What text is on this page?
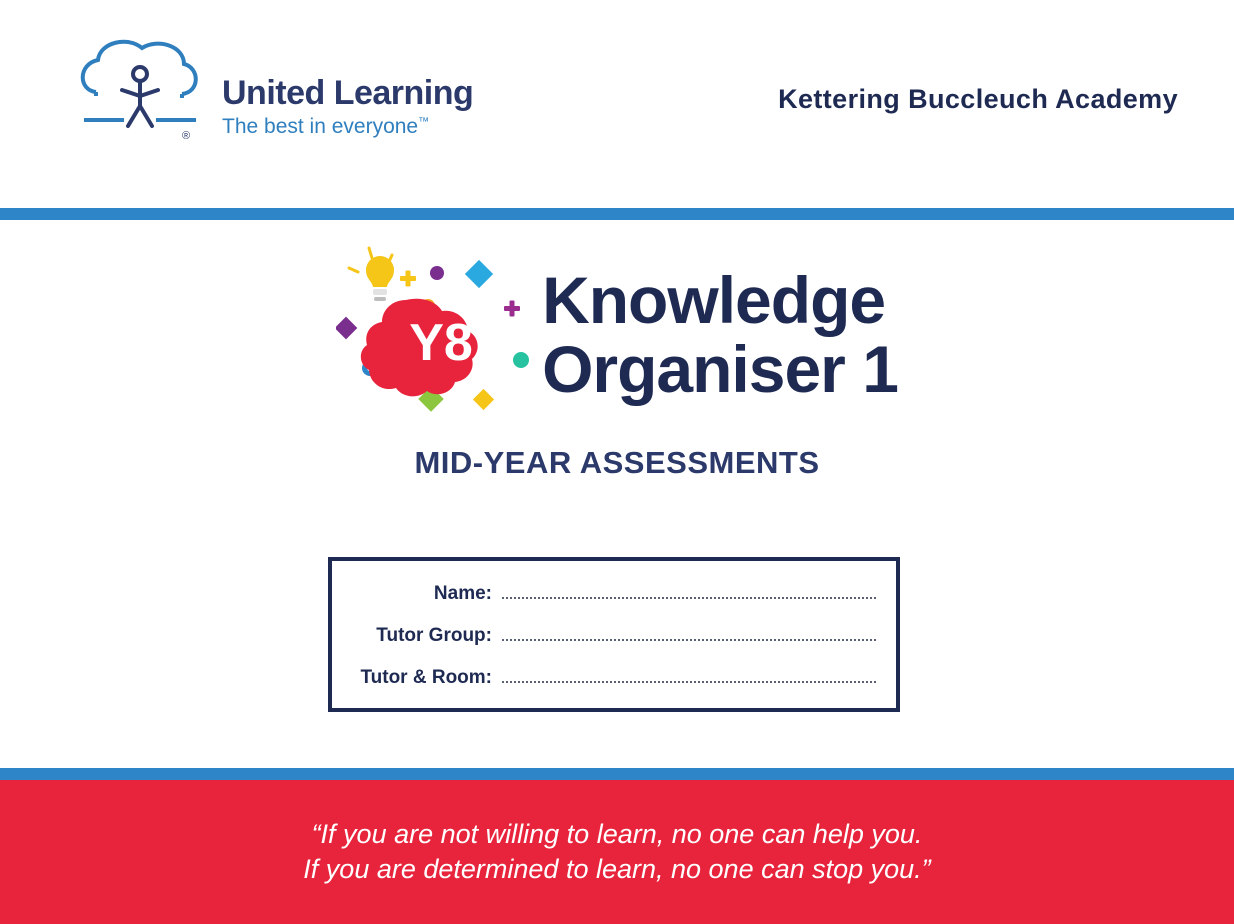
®
United Learning
The best in everyone™
Kettering Buccleuch Academy
Y8
Knowledge
Organiser 1
MID-YEAR ASSESSMENTS
Name:
Tutor Group:
Tutor & Room:
“If you are not willing to learn, no one can help you.
If you are determined to learn, no one can stop you.”
